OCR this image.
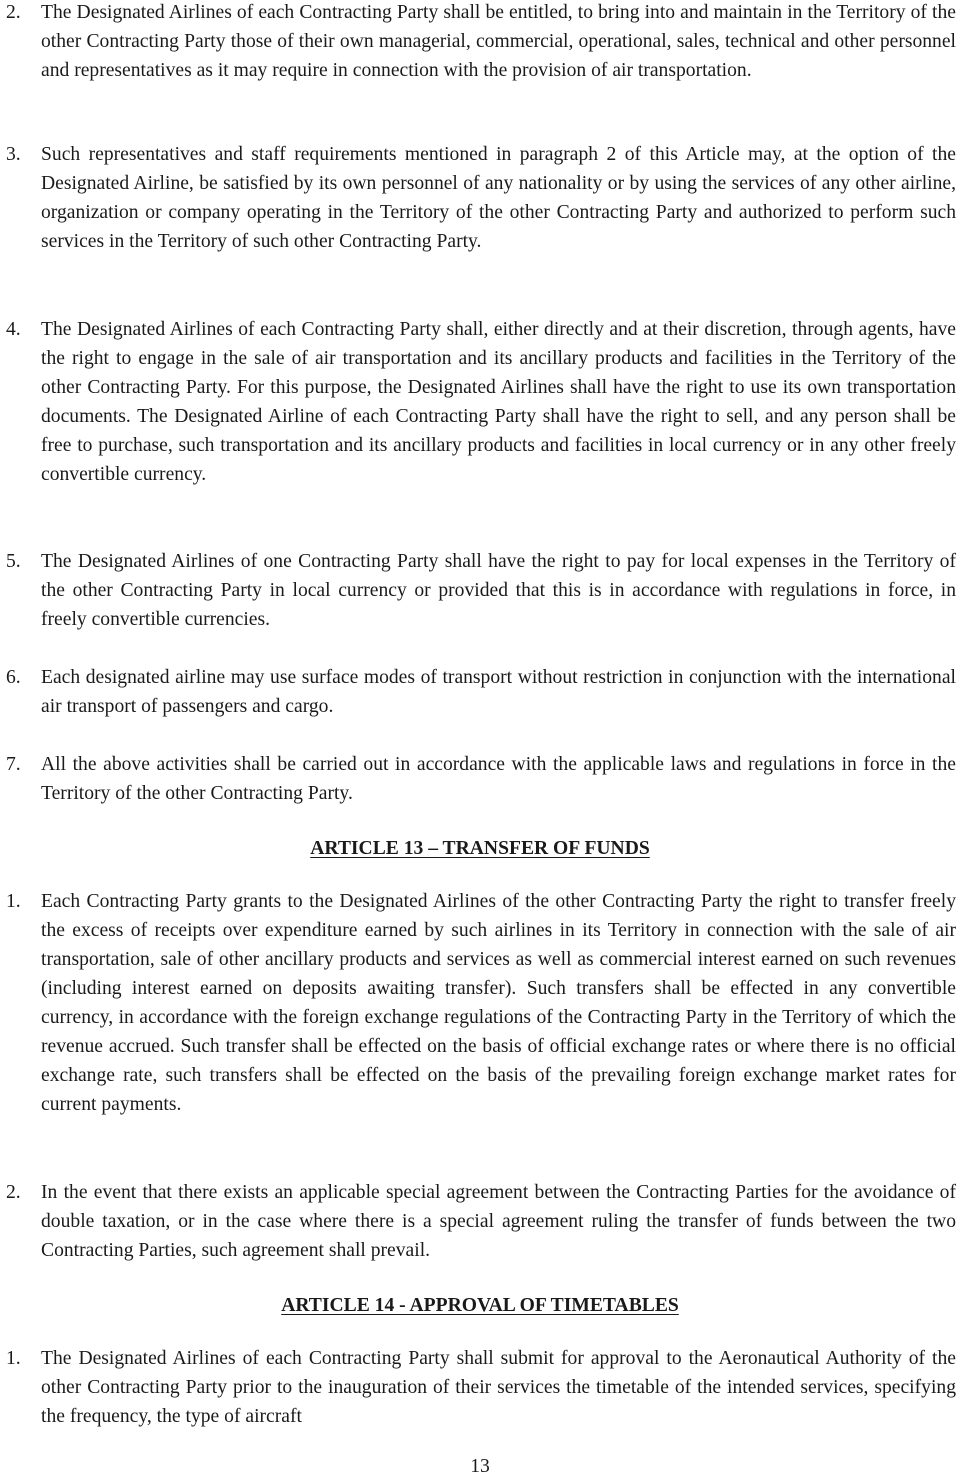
2. The Designated Airlines of each Contracting Party shall be entitled, to bring into and maintain in the Territory of the other Contracting Party those of their own managerial, commercial, operational, sales, technical and other personnel and representatives as it may require in connection with the provision of air transportation.
3. Such representatives and staff requirements mentioned in paragraph 2 of this Article may, at the option of the Designated Airline, be satisfied by its own personnel of any nationality or by using the services of any other airline, organization or company operating in the Territory of the other Contracting Party and authorized to perform such services in the Territory of such other Contracting Party.
4. The Designated Airlines of each Contracting Party shall, either directly and at their discretion, through agents, have the right to engage in the sale of air transportation and its ancillary products and facilities in the Territory of the other Contracting Party. For this purpose, the Designated Airlines shall have the right to use its own transportation documents. The Designated Airline of each Contracting Party shall have the right to sell, and any person shall be free to purchase, such transportation and its ancillary products and facilities in local currency or in any other freely convertible currency.
5. The Designated Airlines of one Contracting Party shall have the right to pay for local expenses in the Territory of the other Contracting Party in local currency or provided that this is in accordance with regulations in force, in freely convertible currencies.
6. Each designated airline may use surface modes of transport without restriction in conjunction with the international air transport of passengers and cargo.
7. All the above activities shall be carried out in accordance with the applicable laws and regulations in force in the Territory of the other Contracting Party.
ARTICLE 13 – TRANSFER OF FUNDS
1. Each Contracting Party grants to the Designated Airlines of the other Contracting Party the right to transfer freely the excess of receipts over expenditure earned by such airlines in its Territory in connection with the sale of air transportation, sale of other ancillary products and services as well as commercial interest earned on such revenues (including interest earned on deposits awaiting transfer). Such transfers shall be effected in any convertible currency, in accordance with the foreign exchange regulations of the Contracting Party in the Territory of which the revenue accrued. Such transfer shall be effected on the basis of official exchange rates or where there is no official exchange rate, such transfers shall be effected on the basis of the prevailing foreign exchange market rates for current payments.
2. In the event that there exists an applicable special agreement between the Contracting Parties for the avoidance of double taxation, or in the case where there is a special agreement ruling the transfer of funds between the two Contracting Parties, such agreement shall prevail.
ARTICLE 14 - APPROVAL OF TIMETABLES
1. The Designated Airlines of each Contracting Party shall submit for approval to the Aeronautical Authority of the other Contracting Party prior to the inauguration of their services the timetable of the intended services, specifying the frequency, the type of aircraft
13
